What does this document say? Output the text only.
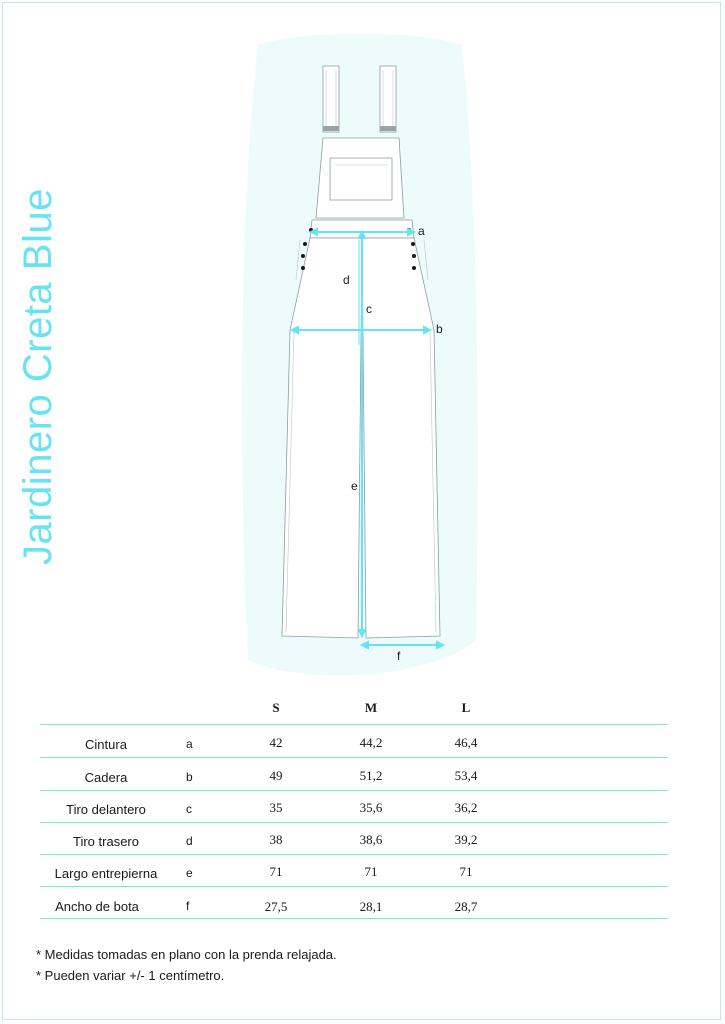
Jardinero Creta Blue	a
b
c
d
e
f
S	M	L
Cintura	a	42	44,2	46,4
Cadera	b	49	51,2	53,4
Tiro delantero	c	35	35,6	36,2
Tiro trasero	d	38	38,6	39,2
Largo entrepierna	e	71	71	71
Ancho de bota	f	27,5	28,1	28,7
* Medidas tomadas en plano con la prenda relajada.
* Pueden variar +/- 1 centímetro.
